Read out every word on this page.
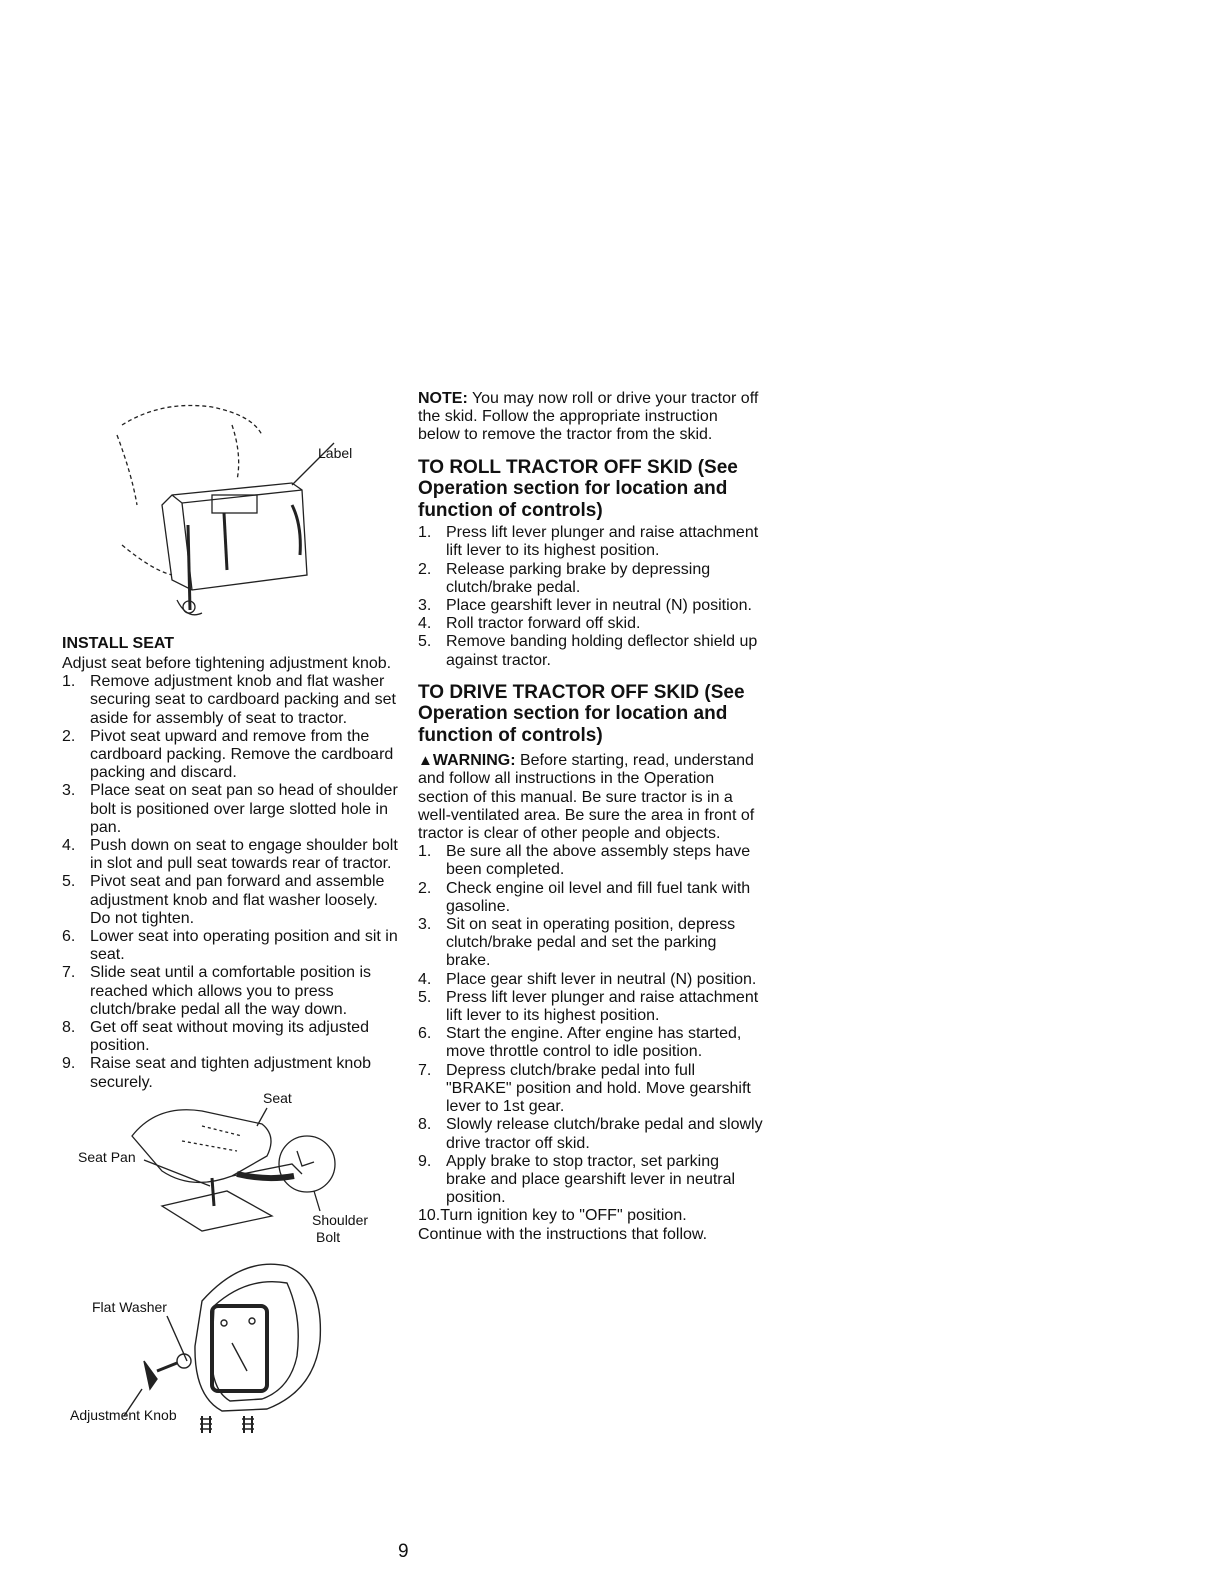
Label
INSTALL SEAT

Adjust seat before tightening adjustment knob.

1. Remove adjustment knob and flat washer securing seat to cardboard packing and set aside for assembly of seat to tractor.
2. Pivot seat upward and remove from the cardboard packing. Remove the cardboard packing and discard.
3. Place seat on seat pan so head of shoulder bolt is positioned over large slotted hole in pan.
4. Push down on seat to engage shoulder bolt in slot and pull seat towards rear of tractor.
5. Pivot seat and pan forward and assemble adjustment knob and flat washer loosely. Do not tighten.
6. Lower seat into operating position and sit in seat.
7. Slide seat until a comfortable position is reached which allows you to press clutch/brake pedal all the way down.
8. Get off seat without moving its adjusted position.
9. Raise seat and tighten adjustment knob securely.
Seat
Seat Pan
Shoulder
Bolt
Flat Washer
Adjustment Knob

NOTE: You may now roll or drive your tractor off the skid. Follow the appropriate instruction below to remove the tractor from the skid.

TO ROLL TRACTOR OFF SKID (See Operation section for location and function of controls)
1. Press lift lever plunger and raise attachment lift lever to its highest position.
2. Release parking brake by depressing clutch/brake pedal.
3. Place gearshift lever in neutral (N) position.
4. Roll tractor forward off skid.
5. Remove banding holding deflector shield up against tractor.
TO DRIVE TRACTOR OFF SKID (See Operation section for location and function of controls)

▲WARNING: Before starting, read, understand and follow all instructions in the Operation section of this manual. Be sure tractor is in a well-ventilated area. Be sure the area in front of tractor is clear of other people and objects.

1. Be sure all the above assembly steps have been completed.
2. Check engine oil level and fill fuel tank with gasoline.
3. Sit on seat in operating position, depress clutch/brake pedal and set the parking brake.
4. Place gear shift lever in neutral (N) position.
5. Press lift lever plunger and raise attachment lift lever to its highest position.
6. Start the engine. After engine has started, move throttle control to idle position.
7. Depress clutch/brake pedal into full "BRAKE" position and hold. Move gearshift lever to 1st gear.
8. Slowly release clutch/brake pedal and slowly drive tractor off skid.
9. Apply brake to stop tractor, set parking brake and place gearshift lever in neutral position.

10.Turn ignition key to "OFF" position.

Continue with the instructions that follow.

9
